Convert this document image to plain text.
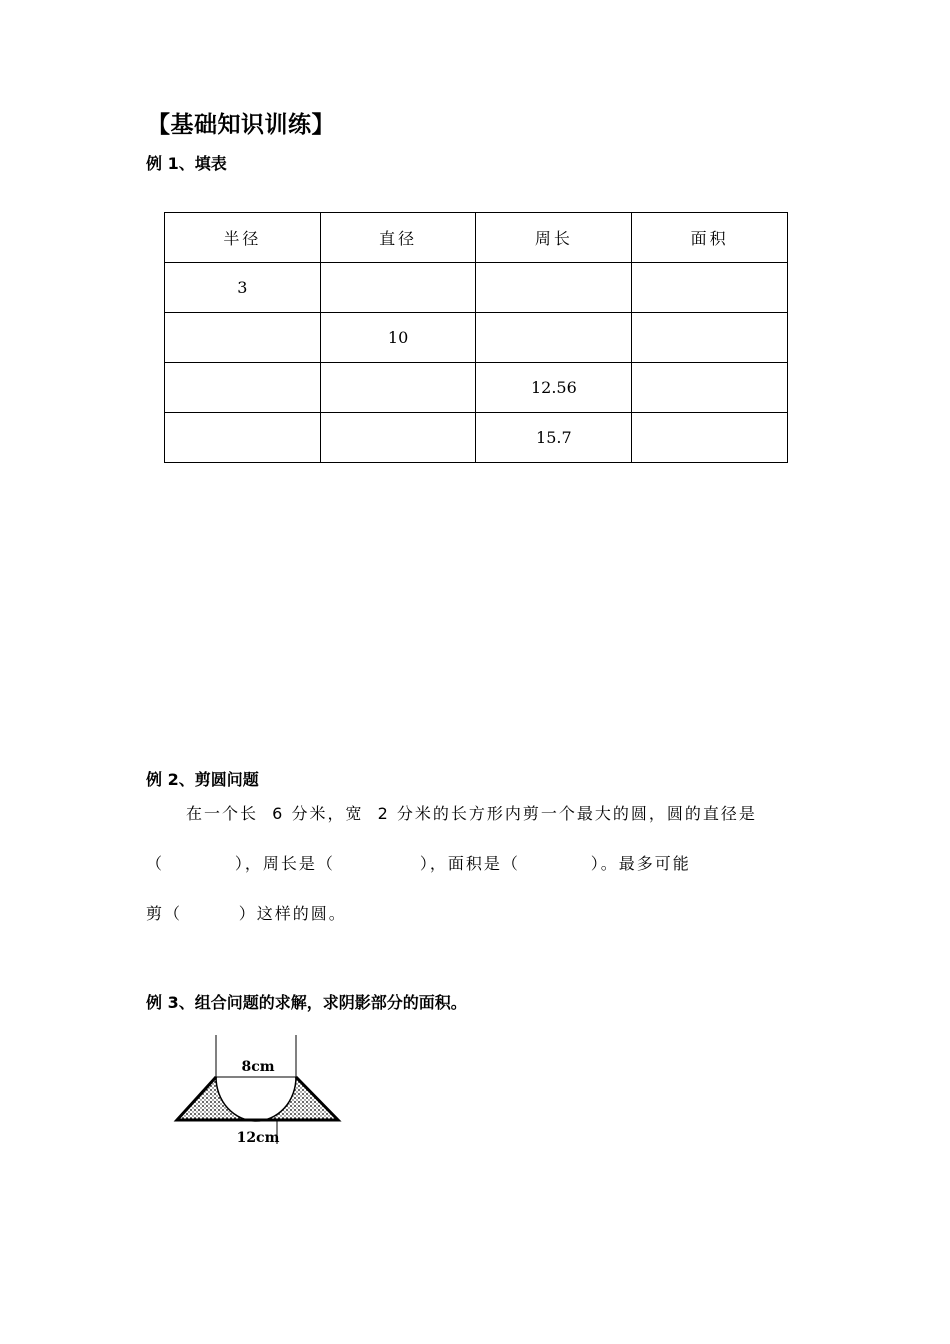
【基础知识训练】
例 1、填表
半径	直径	周长	面积
3			
	10		
		12.56	
		15.7	
例 2、剪圆问题
在一个长  6 分米，宽  2 分米的长方形内剪一个最大的圆，圆的直径是
（          ），周长是（            ），面积是（          ）。最多可能
剪（        ）这样的圆。
例 3、组合问题的求解，求阴影部分的面积。
8cm
12cm
